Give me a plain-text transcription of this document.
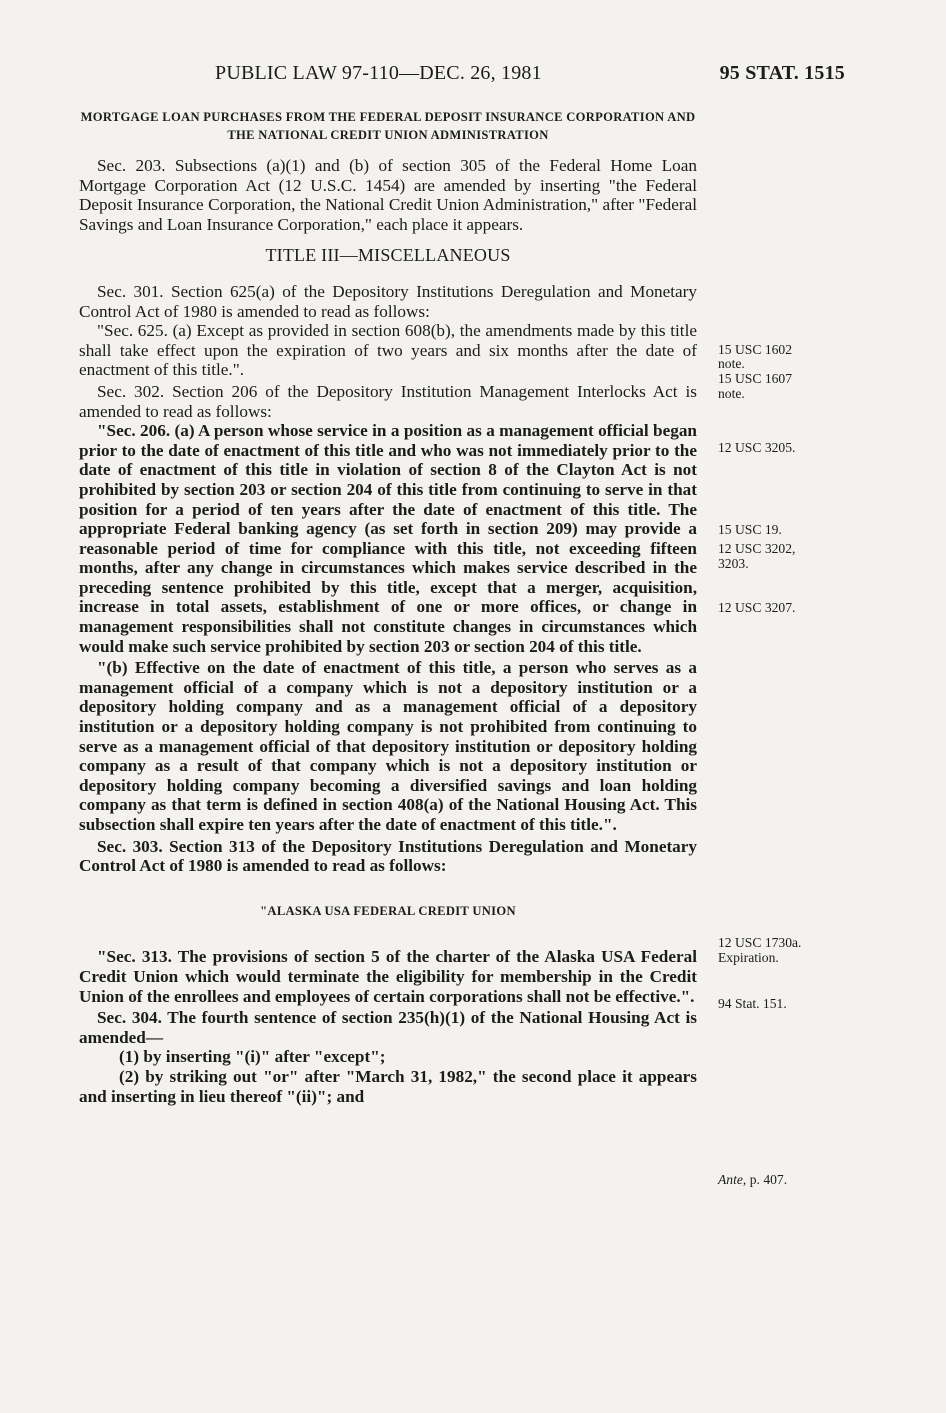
PUBLIC LAW 97-110—DEC. 26, 1981	95 STAT. 1515
MORTGAGE LOAN PURCHASES FROM THE FEDERAL DEPOSIT INSURANCE CORPORATION AND THE NATIONAL CREDIT UNION ADMINISTRATION

Sec. 203. Subsections (a)(1) and (b) of section 305 of the Federal Home Loan Mortgage Corporation Act (12 U.S.C. 1454) are amended by inserting "the Federal Deposit Insurance Corporation, the National Credit Union Administration," after "Federal Savings and Loan Insurance Corporation," each place it appears.

TITLE III—MISCELLANEOUS

Sec. 301. Section 625(a) of the Depository Institutions Deregulation and Monetary Control Act of 1980 is amended to read as follows:

"Sec. 625. (a) Except as provided in section 608(b), the amendments made by this title shall take effect upon the expiration of two years and six months after the date of enactment of this title.".

Sec. 302. Section 206 of the Depository Institution Management Interlocks Act is amended to read as follows:

"Sec. 206. (a) A person whose service in a position as a management official began prior to the date of enactment of this title and who was not immediately prior to the date of enactment of this title in violation of section 8 of the Clayton Act is not prohibited by section 203 or section 204 of this title from continuing to serve in that position for a period of ten years after the date of enactment of this title. The appropriate Federal banking agency (as set forth in section 209) may provide a reasonable period of time for compliance with this title, not exceeding fifteen months, after any change in circumstances which makes service described in the preceding sentence prohibited by this title, except that a merger, acquisition, increase in total assets, establishment of one or more offices, or change in management responsibilities shall not constitute changes in circumstances which would make such service prohibited by section 203 or section 204 of this title.

"(b) Effective on the date of enactment of this title, a person who serves as a management official of a company which is not a depository institution or a depository holding company and as a management official of a depository institution or a depository holding company is not prohibited from continuing to serve as a management official of that depository institution or depository holding company as a result of that company which is not a depository institution or depository holding company becoming a diversified savings and loan holding company as that term is defined in section 408(a) of the National Housing Act. This subsection shall expire ten years after the date of enactment of this title.".

Sec. 303. Section 313 of the Depository Institutions Deregulation and Monetary Control Act of 1980 is amended to read as follows:

"ALASKA USA FEDERAL CREDIT UNION

"Sec. 313. The provisions of section 5 of the charter of the Alaska USA Federal Credit Union which would terminate the eligibility for membership in the Credit Union of the enrollees and employees of certain corporations shall not be effective.".

Sec. 304. The fourth sentence of section 235(h)(1) of the National Housing Act is amended—

(1) by inserting "(i)" after "except";

(2) by striking out "or" after "March 31, 1982," the second place it appears and inserting in lieu thereof "(ii)"; and

15 USC 1602
note.
15 USC 1607
note.
12 USC 3205.
15 USC 19.
12 USC 3202,
3203.
12 USC 3207.
12 USC 1730a.
Expiration.
94 Stat. 151.
Ante, p. 407.
